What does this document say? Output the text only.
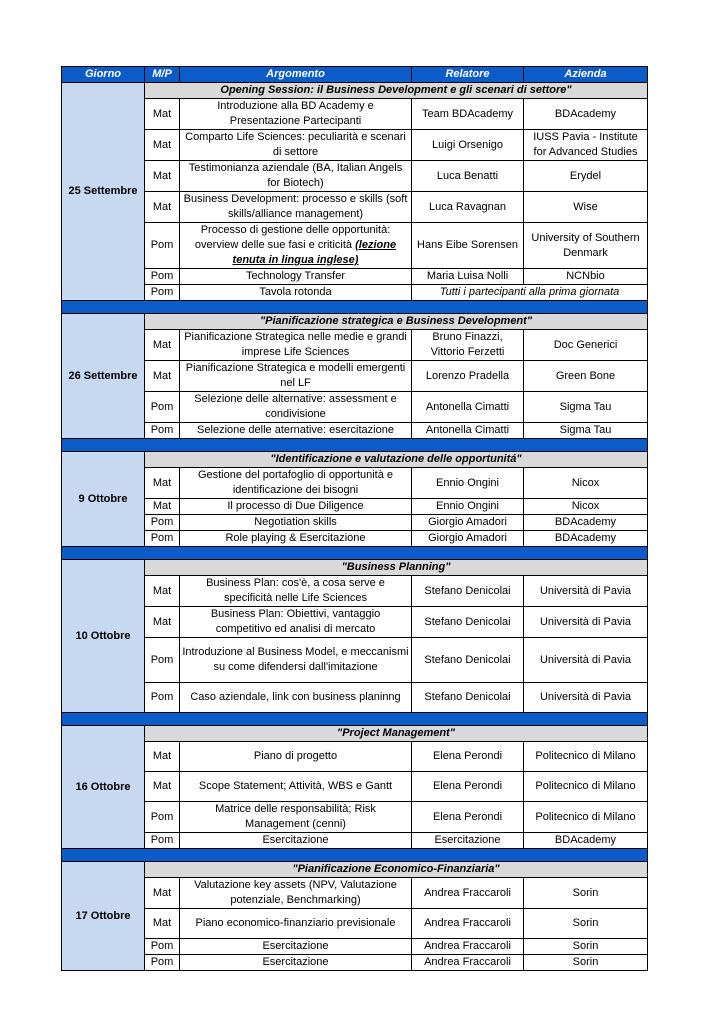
Giorno	M/P	Argomento	Relatore	Azienda
25 Settembre	Opening Session: il Business Development e gli scenari di settore"			
	Mat	Introduzione alla BD Academy e Presentazione Partecipanti	Team BDAcademy	BDAcademy
	Mat	Comparto Life Sciences: peculiarità e scenari di settore	Luigi Orsenigo	IUSS Pavia - Institute for Advanced Studies
	Mat	Testimonianza aziendale (BA, Italian Angels for Biotech)	Luca Benatti	Erydel
	Mat	Business Development: processo e skills (soft skills/alliance management)	Luca Ravagnan	Wise
	Pom	Processo di gestione delle opportunità: overview delle sue fasi e criticità (lezione tenuta in lingua inglese)	Hans Eibe Sorensen	University of Southern Denmark
	Pom	Technology Transfer	Maria Luisa Nolli	NCNbio
	Pom	Tavola rotonda	Tutti i partecipanti alla prima giornata	

26 Settembre	"Pianificazione strategica e Business Development"			
	Mat	Pianificazione Strategica nelle medie e grandi imprese Life Sciences	Bruno Finazzi, Vittorio Ferzetti	Doc Generici
	Mat	Pianificazione Strategica e modelli emergenti nel LF	Lorenzo Pradella	Green Bone
	Pom	Selezione delle alternative: assessment e condivisione	Antonella Cimatti	Sigma Tau
	Pom	Selezione delle aternative: esercitazione	Antonella Cimatti	Sigma Tau

9 Ottobre	"Identificazione e valutazione delle opportunitá"			
	Mat	Gestione del portafoglio di opportunità e identificazione dei bisogni	Ennio Ongini	Nicox
	Mat	Il processo di Due Diligence	Ennio Ongini	Nicox
	Pom	Negotiation skills	Giorgio Amadori	BDAcademy
	Pom	Role playing & Esercitazione	Giorgio Amadori	BDAcademy

10 Ottobre	"Business Planning"			
	Mat	Business Plan: cos'è, a cosa serve e specificità nelle Life Sciences	Stefano Denicolai	Università di Pavia
	Mat	Business Plan: Obiettivi, vantaggio competitivo ed analisi di mercato	Stefano Denicolai	Università di Pavia
	Pom	Introduzione al Business Model, e meccanismi su come difendersi dall'imitazione	Stefano Denicolai	Università di Pavia
	Pom	Caso aziendale, link con business planinng	Stefano Denicolai	Università di Pavia

16 Ottobre	"Project Management"			
	Mat	Piano di progetto	Elena Perondi	Politecnico di Milano
	Mat	Scope Statement; Attività, WBS e Gantt	Elena Perondi	Politecnico di Milano
	Pom	Matrice delle responsabilità; Risk Management (cenni)	Elena Perondi	Politecnico di Milano
	Pom	Esercitazione	Esercitazione	BDAcademy

17 Ottobre	"Pianificazione Economico-Finanziaria"			
	Mat	Valutazione key assets (NPV, Valutazione potenziale, Benchmarking)	Andrea Fraccaroli	Sorin
	Mat	Piano economico-finanziario previsionale	Andrea Fraccaroli	Sorin
	Pom	Esercitazione	Andrea Fraccaroli	Sorin
	Pom	Esercitazione	Andrea Fraccaroli	Sorin
